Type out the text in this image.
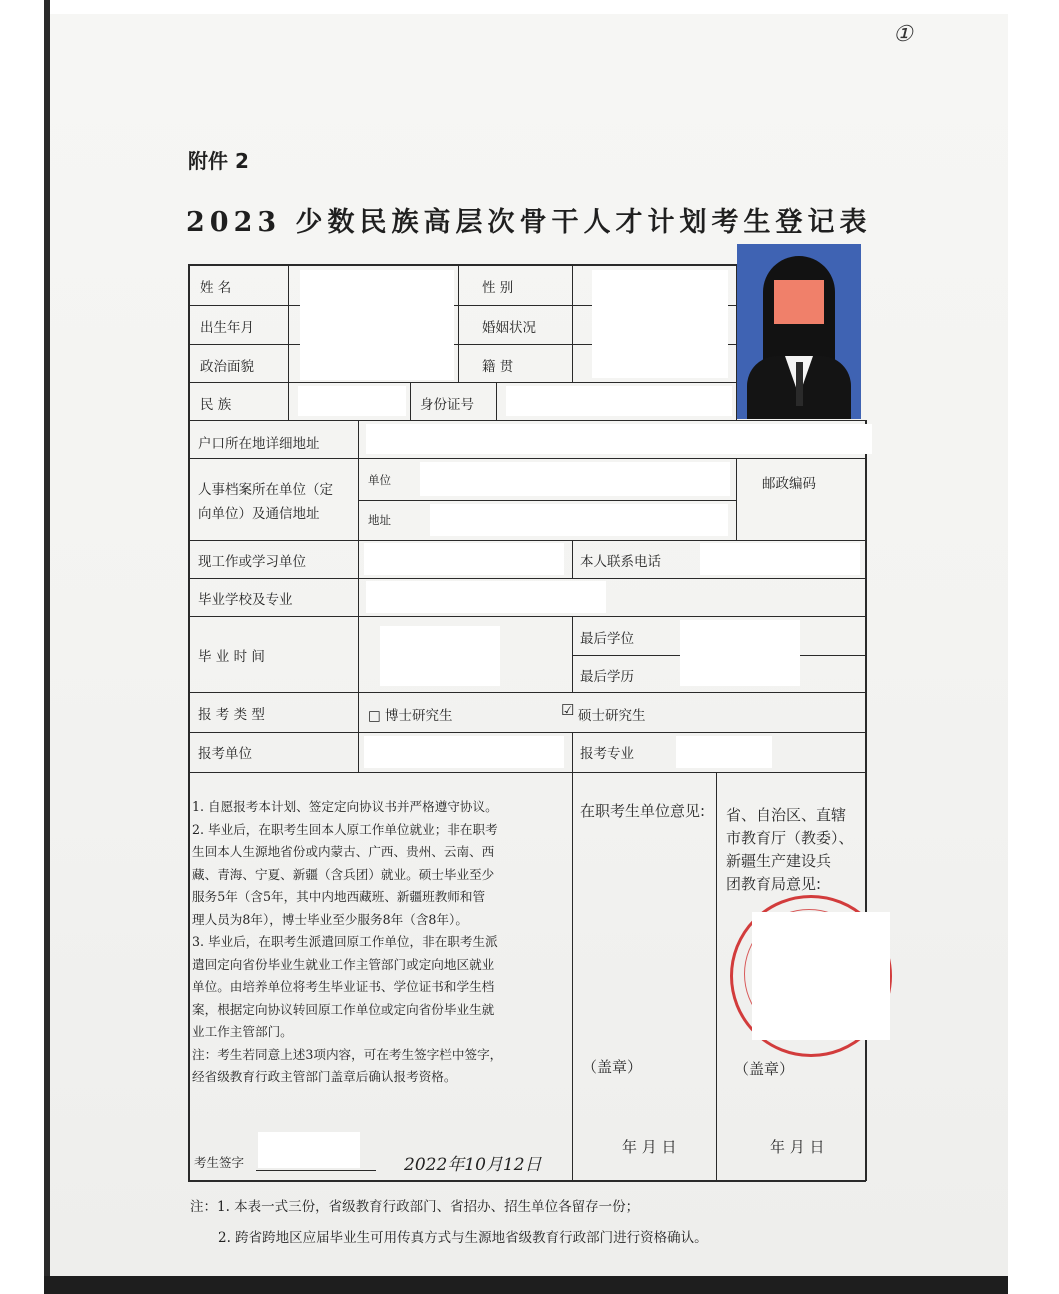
①
附件 2
2023 少数民族高层次骨干人才计划考生登记表
姓 名	性 别
出生年月	婚姻状况
政治面貌	籍 贯
民 族	身份证号
户口所在地详细地址
人事档案所在单位（定
向单位）及通信地址
单位
地址
邮政编码
现工作或学习单位	本人联系电话
毕业学校及专业
毕 业 时 间
最后学位
最后学历
报 考 类 型	□ 博士研究生	☑ 硕士研究生
报考单位	报考专业
1. 自愿报考本计划、签定定向协议书并严格遵守协议。
2. 毕业后，在职考生回本人原工作单位就业；非在职考
生回本人生源地省份或内蒙古、广西、贵州、云南、西
藏、青海、宁夏、新疆（含兵团）就业。硕士毕业至少
服务5年（含5年，其中内地西藏班、新疆班教师和管
理人员为8年），博士毕业至少服务8年（含8年）。
3. 毕业后，在职考生派遣回原工作单位，非在职考生派
遣回定向省份毕业生就业工作主管部门或定向地区就业
单位。由培养单位将考生毕业证书、学位证书和学生档
案，根据定向协议转回原工作单位或定向省份毕业生就
业工作主管部门。
注：考生若同意上述3项内容，可在考生签字栏中签字，
经省级教育行政主管部门盖章后确认报考资格。
考生签字	2022年10月12日
在职考生单位意见:
（盖章）
年 月 日
省、自治区、直辖
市教育厅（教委）、
新疆生产建设兵
团教育局意见:
（盖章）
年 月 日
注：1. 本表一式三份，省级教育行政部门、省招办、招生单位各留存一份；
2. 跨省跨地区应届毕业生可用传真方式与生源地省级教育行政部门进行资格确认。
